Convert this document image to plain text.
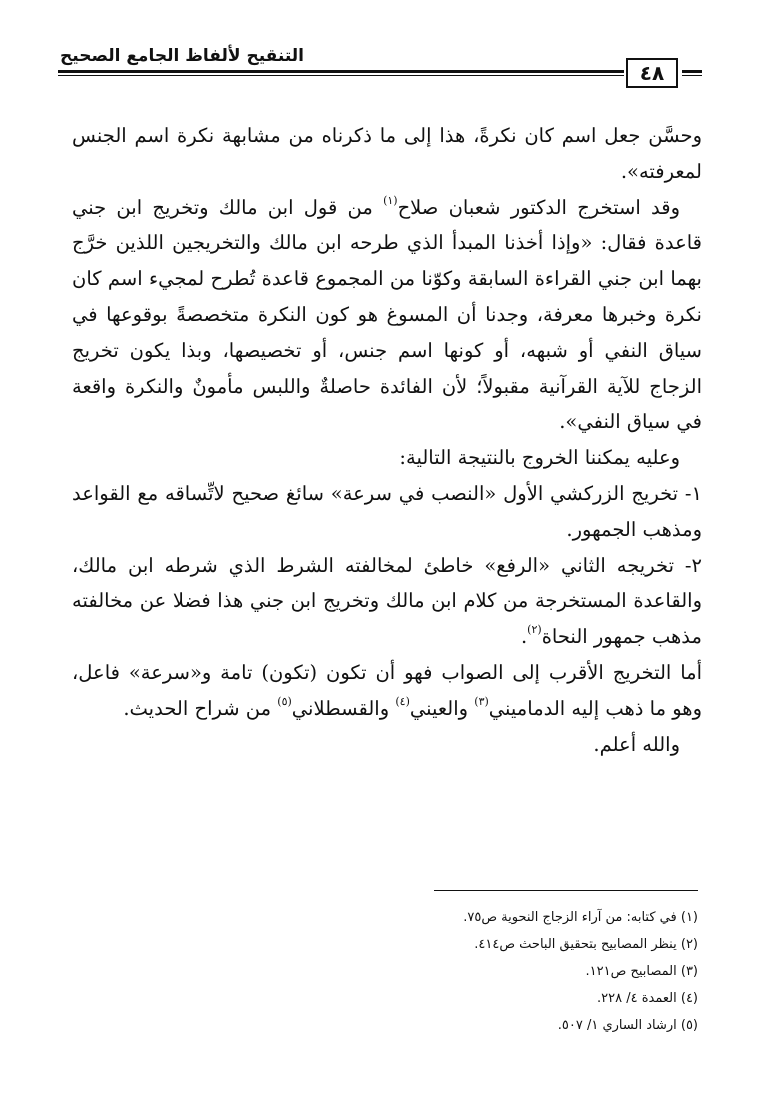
التنقيح لألفاظ الجامع الصحيح
٤٨

وحسَّن جعل اسم كان نكرةً، هذا إلى ما ذكرناه من مشابهة نكرة اسم الجنس لمعرفته».

وقد استخرج الدكتور شعبان صلاح$^{(١)}$ من قول ابن مالك وتخريج ابن جني قاعدة فقال: «وإذا أخذنا المبدأ الذي طرحه ابن مالك والتخريجين اللذين خرَّج بهما ابن جني القراءة السابقة وكوّنا من المجموع قاعدة تُطرح لمجيء اسم كان نكرة وخبرها معرفة، وجدنا أن المسوغ هو كون النكرة متخصصةً بوقوعها في سياق النفي أو شبهه، أو كونها اسم جنس، أو تخصيصها، وبذا يكون تخريج الزجاج للآية القرآنية مقبولاً؛ لأن الفائدة حاصلةٌ واللبس مأمونٌ والنكرة واقعة في سياق النفي».

وعليه يمكننا الخروج بالنتيجة التالية:

١- تخريج الزركشي الأول «النصب في سرعة» سائغ صحيح لاتِّساقه مع القواعد ومذهب الجمهور.

٢- تخريجه الثاني «الرفع» خاطئ لمخالفته الشرط الذي شرطه ابن مالك، والقاعدة المستخرجة من كلام ابن مالك وتخريج ابن جني هذا فضلا عن مخالفته مذهب جمهور النحاة$^{(٢)}$.

أما التخريج الأقرب إلى الصواب فهو أن تكون (تكون) تامة و«سرعة» فاعل، وهو ما ذهب إليه الدماميني$^{(٣)}$ والعيني$^{(٤)}$ والقسطلاني$^{(٥)}$ من شراح الحديث.

والله أعلم.

(١) في كتابه: من آراء الزجاج النحوية ص٧٥.
(٢) ينظر المصابيح بتحقيق الباحث ص٤١٤.
(٣) المصابيح ص١٢١.
(٤) العمدة ٤/ ٢٢٨.
(٥) ارشاد الساري ١/ ٥٠٧.
